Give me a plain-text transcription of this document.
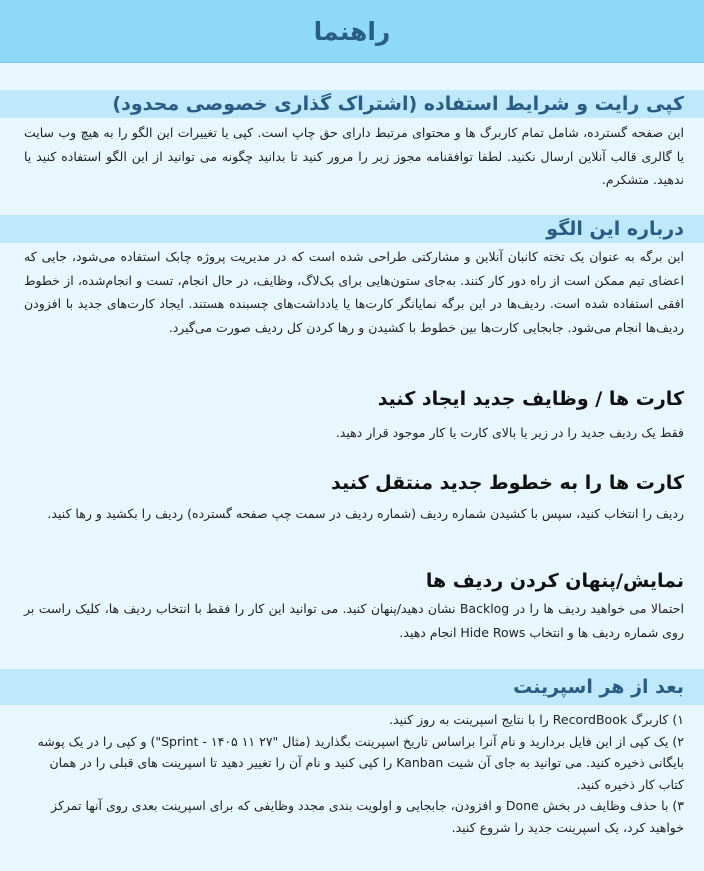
راهنما
کپی رایت و شرایط استفاده (اشتراک گذاری خصوصی محدود)
این صفحه گسترده، شامل تمام کاربرگ ها و محتوای مرتبط دارای حق چاپ است. کپی یا تغییرات این الگو را به هیچ وب سایت یا گالری قالب آنلاین ارسال نکنید. لطفا توافقنامه مجوز زیر را مرور کنید تا بدانید چگونه می توانید از این الگو استفاده کنید یا ندهید. متشکرم.
درباره این الگو
این برگه به عنوان یک تخته کانبان آنلاین و مشارکتی طراحی شده است که در مدیریت پروژه چابک استفاده می‌شود، جایی که اعضای تیم ممکن است از راه دور کار کنند. به‌جای ستون‌هایی برای بک‌لاگ، وظایف، در حال انجام، تست و انجام‌شده، از خطوط افقی استفاده شده است. ردیف‌ها در این برگه نمایانگر کارت‌ها یا یادداشت‌های چسبنده هستند. ایجاد کارت‌های جدید با افزودن ردیف‌ها انجام می‌شود. جابجایی کارت‌ها بین خطوط با کشیدن و رها کردن کل ردیف صورت می‌گیرد.
کارت ها / وظایف جدید ایجاد کنید
فقط یک ردیف جدید را در زیر یا بالای کارت یا کار موجود قرار دهید.
کارت ها را به خطوط جدید منتقل کنید
ردیف را انتخاب کنید، سپس با کشیدن شماره ردیف (شماره ردیف در سمت چپ صفحه گسترده) ردیف را بکشید و رها کنید.
نمایش/پنهان کردن ردیف ها
احتمالا می خواهید ردیف ها را در Backlog نشان دهید/پنهان کنید. می توانید این کار را فقط با انتخاب ردیف ها، کلیک راست بر روی شماره ردیف ها و انتخاب Hide Rows انجام دهید.
بعد از هر اسپرینت
۱) کاربرگ RecordBook را با نتایج اسپرینت به روز کنید.
۲) یک کپی از این فایل بردارید و نام آنرا براساس تاریخ اسپرینت بگذارید (مثال "Sprint - ۱۴۰۵ ۱۱ ۲۷") و کپی را در یک پوشه بایگانی ذخیره کنید. می توانید به جای آن شیت Kanban را کپی کنید و نام آن را تغییر دهید تا اسپرینت های قبلی را در همان کتاب کار ذخیره کنید.
۳) با حذف وظایف در بخش Done و افزودن، جابجایی و اولویت بندی مجدد وظایفی که برای اسپرینت بعدی روی آنها تمرکز خواهید کرد، یک اسپرینت جدید را شروع کنید.
